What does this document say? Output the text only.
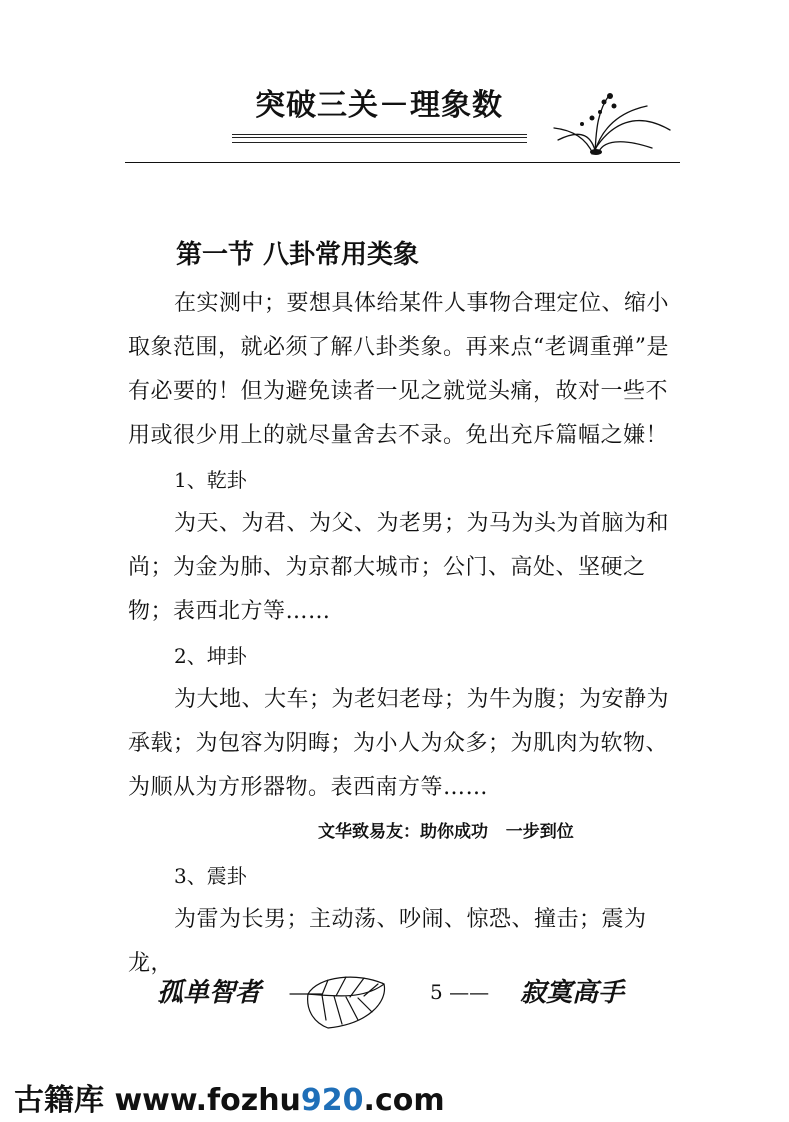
突破三关－理象数
第一节 八卦常用类象

在实测中；要想具体给某件人事物合理定位、缩小取象范围，就必须了解八卦类象。再来点“老调重弹”是有必要的！但为避免读者一见之就觉头痛，故对一些不用或很少用上的就尽量舍去不录。免出充斥篇幅之嫌！

1、乾卦

为天、为君、为父、为老男；为马为头为首脑为和尚；为金为肺、为京都大城市；公门、高处、坚硬之物；表西北方等……

2、坤卦

为大地、大车；为老妇老母；为牛为腹；为安静为承载；为包容为阴晦；为小人为众多；为肌肉为软物、为顺从为方形器物。表西南方等……

文华致易友：助你成功   一步到位

3、震卦

为雷为长男；主动荡、吵闹、惊恐、撞击；震为龙，

孤单智者	5 —— 寂寞高手
古籍库 www.fozhu920.com
